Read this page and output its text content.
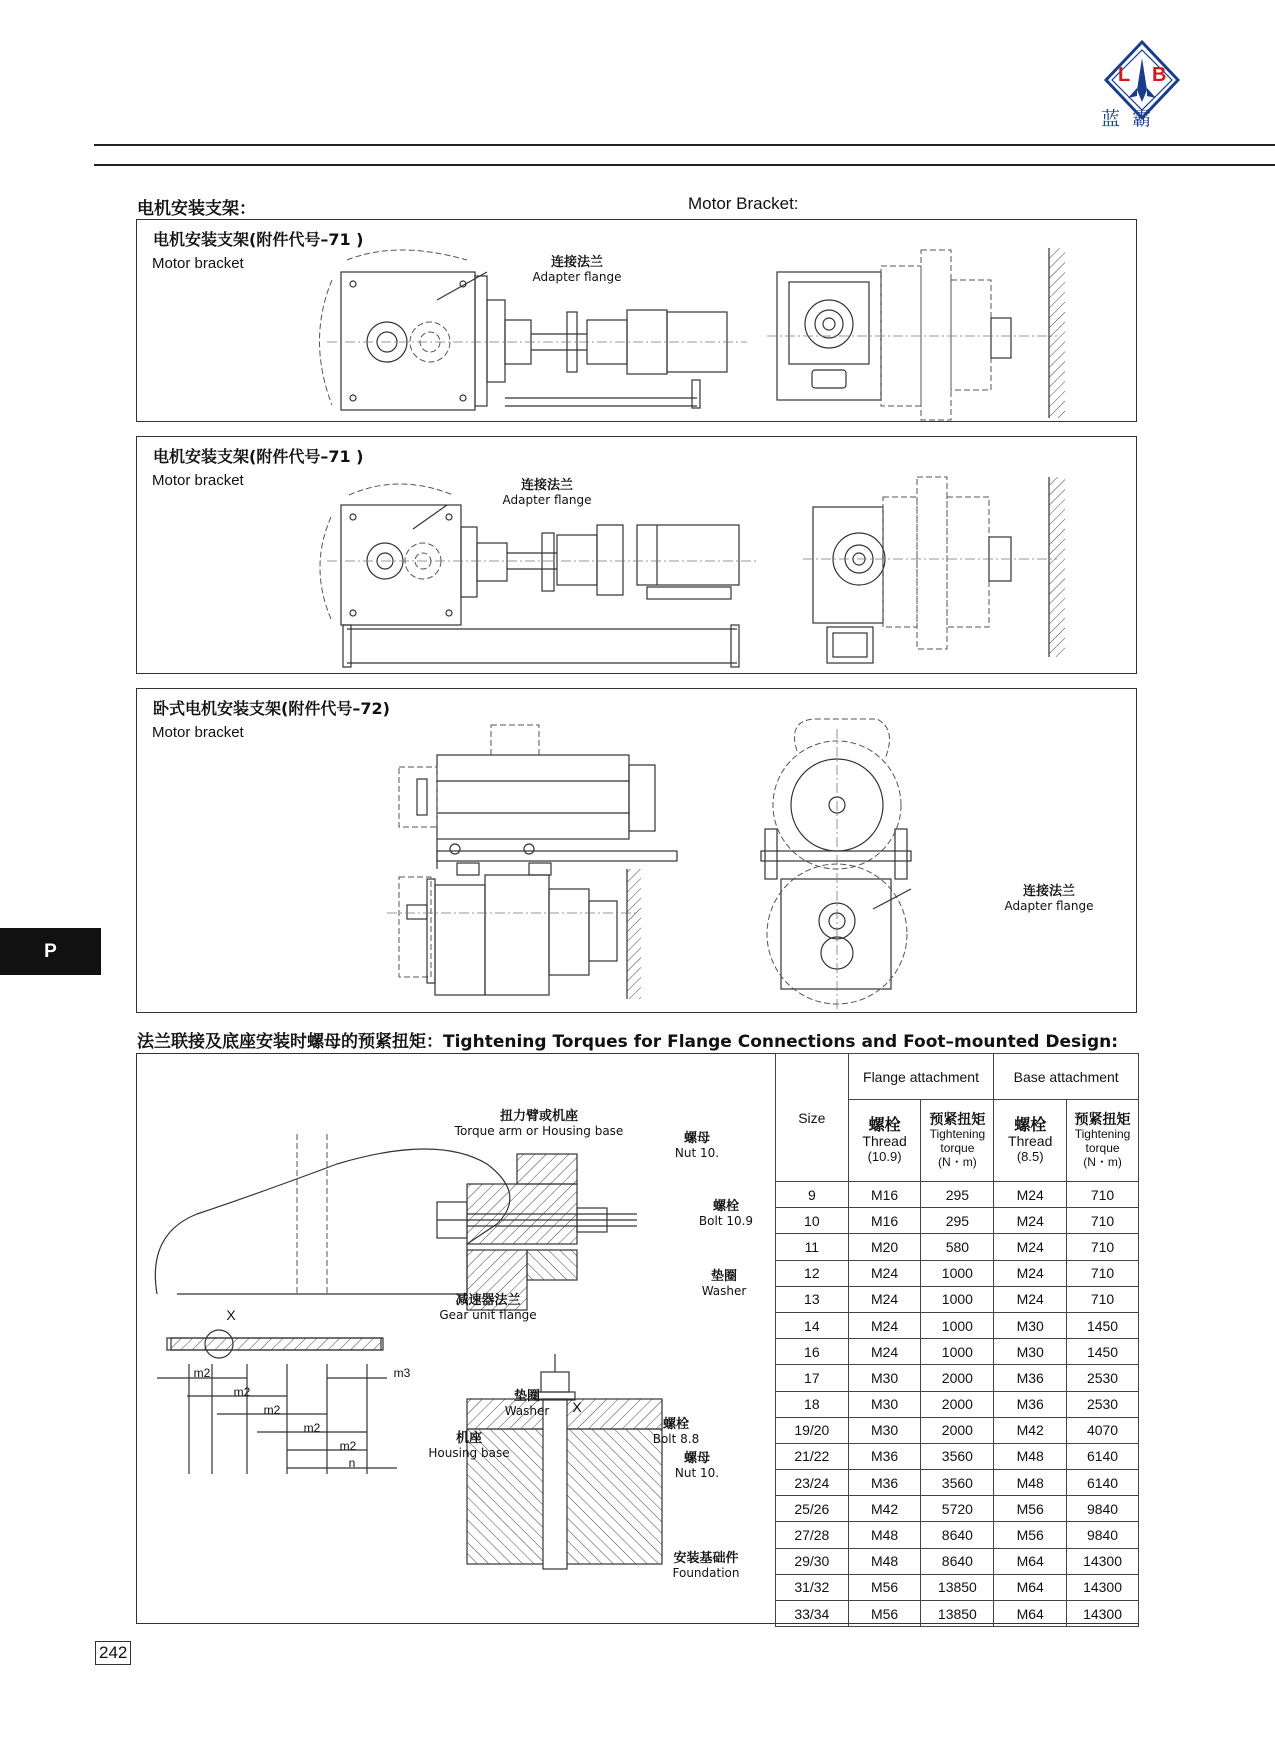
L B
蓝  霸
电机安装支架：	Motor Bracket:
电机安装支架(附件代号–71 )
Motor bracket	连接法兰
Adapter flange
电机安装支架(附件代号–71 )
Motor bracket	连接法兰
Adapter flange
卧式电机安装支架(附件代号–72)
Motor bracket
连接法兰
Adapter flange
法兰联接及底座安装时螺母的预紧扭矩：Tightening Torques for Flange Connections and Foot–mounted Design:
扭力臂或机座
Torque arm or Housing base	螺母
Nut 10.
螺栓
Bolt 10.9
垫圈
Washer
减速器法兰
Gear unit flange
垫圈
Washer
机座
Housing base
螺栓
Bolt 8.8
螺母
Nut 10.
安装基础件
Foundation
X
X
m2
m2
m2
m2
m2
n
m3
Size	Flange attachment		Base attachment	

	螺栓
Thread
(10.9)	预紧扭矩
Tightening
torque
(N・m)	螺栓
Thread
(8.5)	预紧扭矩
Tightening
torque
(N・m)

9	M16	295	M24	710
10	M16	295	M24	710
11	M20	580	M24	710
12	M24	1000	M24	710
13	M24	1000	M24	710
14	M24	1000	M30	1450
16	M24	1000	M30	1450
17	M30	2000	M36	2530
18	M30	2000	M36	2530
19/20	M30	2000	M42	4070
21/22	M36	3560	M48	6140
23/24	M36	3560	M48	6140
25/26	M42	5720	M56	9840
27/28	M48	8640	M56	9840
29/30	M48	8640	M64	14300
31/32	M56	13850	M64	14300
33/34	M56	13850	M64	14300
P
242
